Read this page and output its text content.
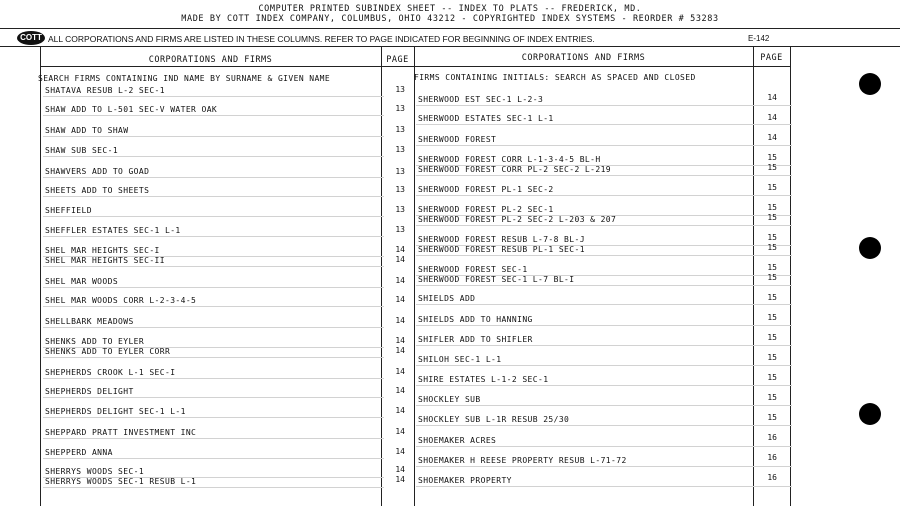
COMPUTER PRINTED SUBINDEX SHEET -- INDEX TO PLATS -- FREDERICK, MD.
MADE BY COTT INDEX COMPANY, COLUMBUS, OHIO 43212 - COPYRIGHTED INDEX SYSTEMS - REORDER # 53283
COTT ALL CORPORATIONS AND FIRMS ARE LISTED IN THESE COLUMNS. REFER TO PAGE INDICATED FOR BEGINNING OF INDEX ENTRIES.	E-142
CORPORATIONS AND FIRMS	PAGE	CORPORATIONS AND FIRMS	PAGE
SEARCH FIRMS CONTAINING IND NAME BY SURNAME & GIVEN NAME	FIRMS CONTAINING INITIALS: SEARCH AS SPACED AND CLOSED
SHATAVA RESUB L-2 SEC-1	13
SHAW ADD TO L-501 SEC-V WATER OAK	13
SHAW ADD TO SHAW	13
SHAW SUB SEC-1	13
SHAWVERS ADD TO GOAD	13
SHEETS ADD TO SHEETS	13
SHEFFIELD	13
SHEFFLER ESTATES SEC-1 L-1	13
SHEL MAR HEIGHTS SEC-I	14
SHEL MAR HEIGHTS SEC-II	14
SHEL MAR WOODS	14
SHEL MAR WOODS CORR L-2-3-4-5	14
SHELLBARK MEADOWS	14
SHENKS ADD TO EYLER	14
SHENKS ADD TO EYLER CORR	14
SHEPHERDS CROOK L-1 SEC-I	14
SHEPHERDS DELIGHT	14
SHEPHERDS DELIGHT SEC-1 L-1	14
SHEPPARD PRATT INVESTMENT INC	14
SHEPPERD ANNA	14
SHERRYS WOODS SEC-1	14
SHERRYS WOODS SEC-1 RESUB L-1	14
SHERWOOD EST SEC-1 L-2-3	14
SHERWOOD ESTATES SEC-1 L-1	14
SHERWOOD FOREST	14
SHERWOOD FOREST CORR L-1-3-4-5 BL-H	15
SHERWOOD FOREST CORR PL-2 SEC-2 L-219	15
SHERWOOD FOREST PL-1 SEC-2	15
SHERWOOD FOREST PL-2 SEC-1	15
SHERWOOD FOREST PL-2 SEC-2 L-203 & 207	15
SHERWOOD FOREST RESUB L-7-8 BL-J	15
SHERWOOD FOREST RESUB PL-1 SEC-1	15
SHERWOOD FOREST SEC-1	15
SHERWOOD FOREST SEC-1 L-7 BL-I	15
SHIELDS ADD	15
SHIELDS ADD TO HANNING	15
SHIFLER ADD TO SHIFLER	15
SHILOH SEC-1 L-1	15
SHIRE ESTATES L-1-2 SEC-1	15
SHOCKLEY SUB	15
SHOCKLEY SUB L-1R RESUB 25/30	15
SHOEMAKER ACRES	16
SHOEMAKER H REESE PROPERTY RESUB L-71-72	16
SHOEMAKER PROPERTY	16
